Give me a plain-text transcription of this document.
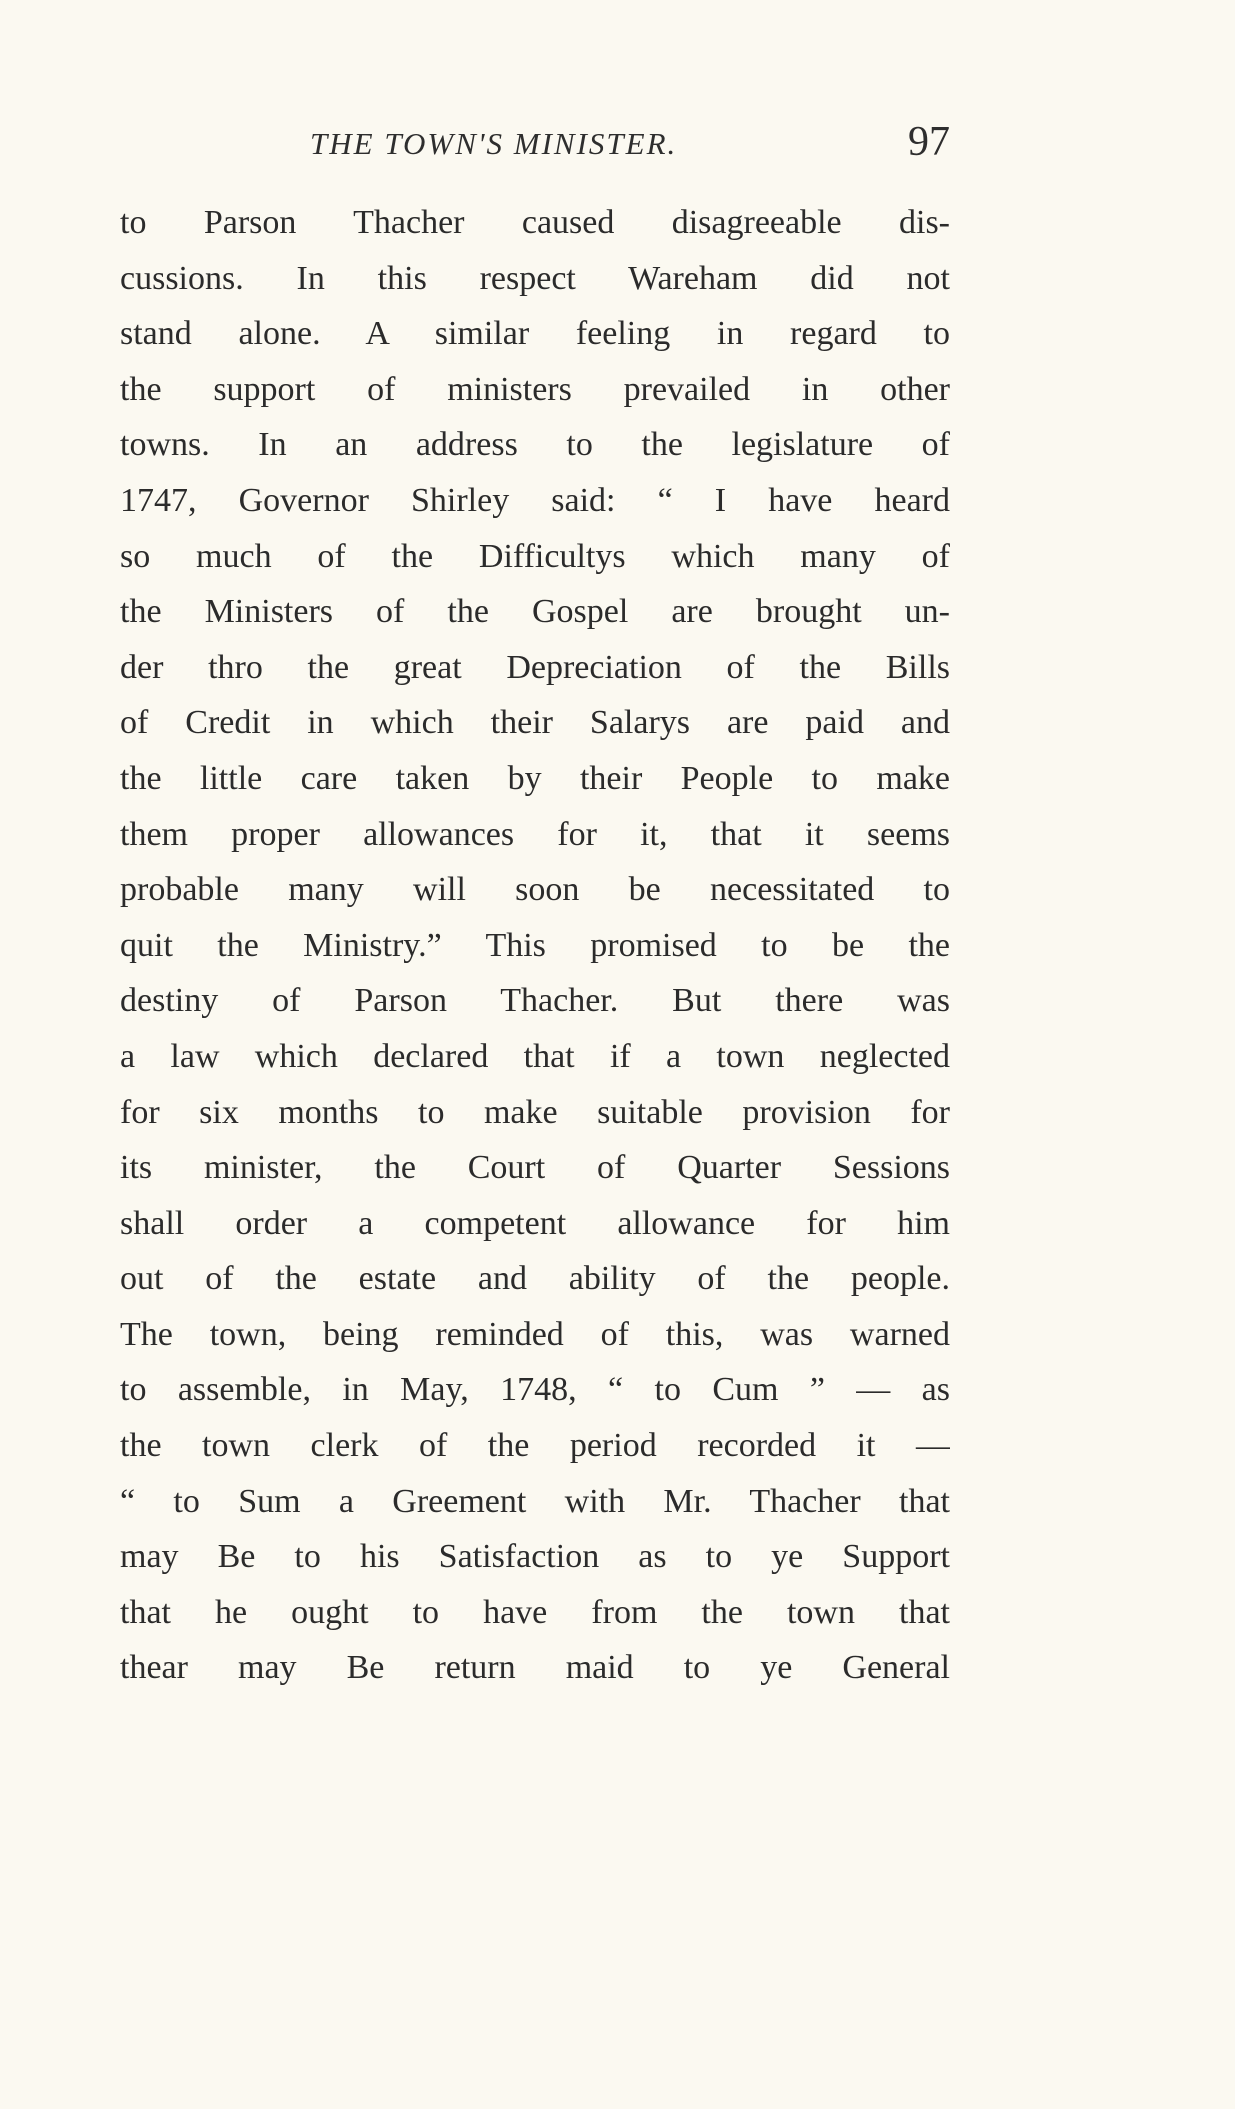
THE TOWN'S MINISTER.	97
to Parson Thacher caused disagreeable dis-
cussions. In this respect Wareham did not
stand alone. A similar feeling in regard to
the support of ministers prevailed in other
towns. In an address to the legislature of
1747, Governor Shirley said: “ I have heard
so much of the Difficultys which many of
the Ministers of the Gospel are brought un-
der thro the great Depreciation of the Bills
of Credit in which their Salarys are paid and
the little care taken by their People to make
them proper allowances for it, that it seems
probable many will soon be necessitated to
quit the Ministry.” This promised to be the
destiny of Parson Thacher. But there was
a law which declared that if a town neglected
for six months to make suitable provision for
its minister, the Court of Quarter Sessions
shall order a competent allowance for him
out of the estate and ability of the people.
The town, being reminded of this, was warned
to assemble, in May, 1748, “ to Cum ” — as
the town clerk of the period recorded it —
“ to Sum a Greement with Mr. Thacher that
may Be to his Satisfaction as to ye Support
that he ought to have from the town that
thear may Be return maid to ye General
